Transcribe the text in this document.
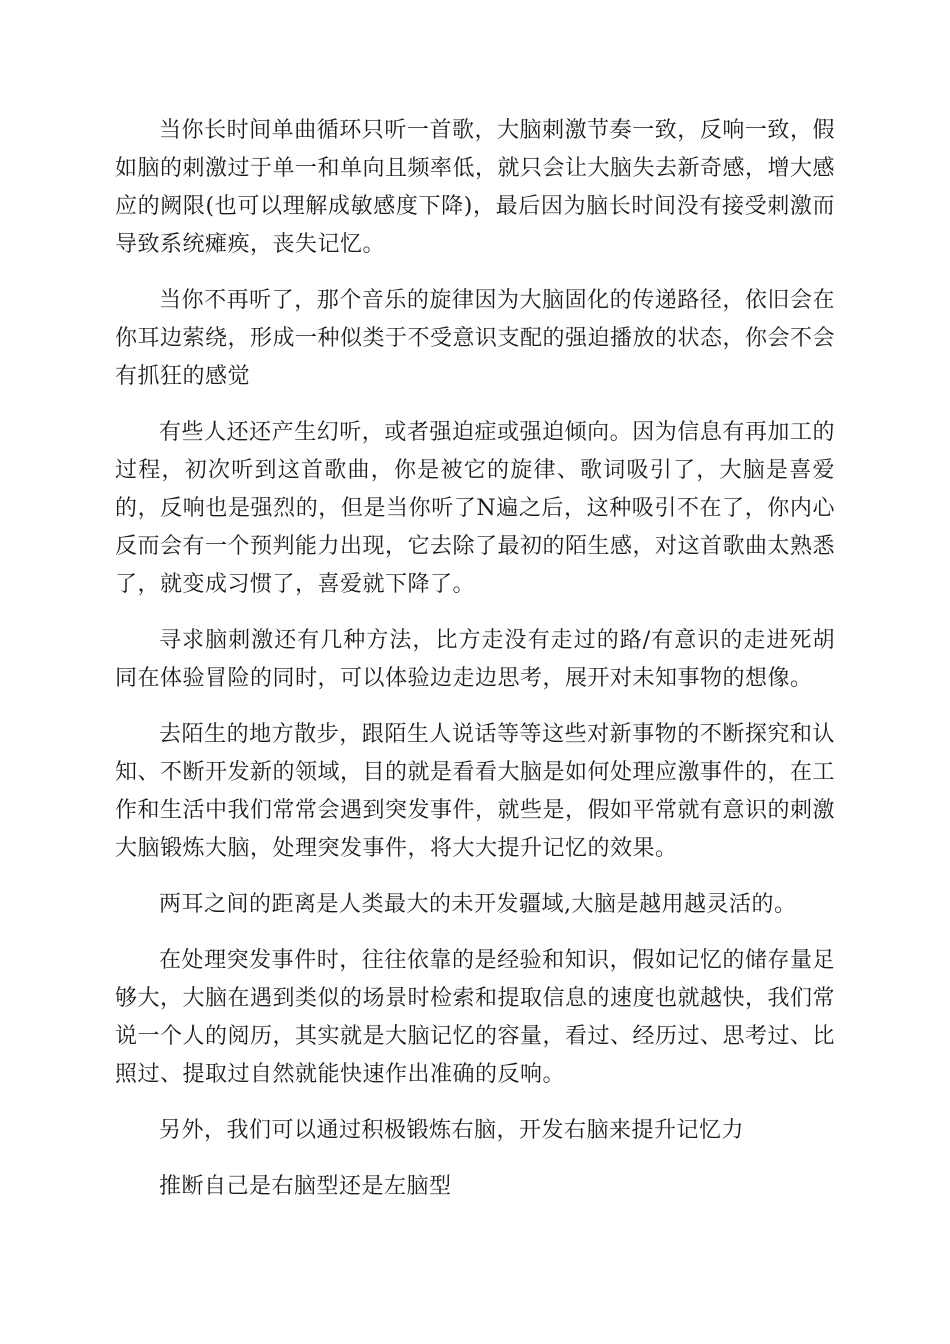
当你长时间单曲循环只听一首歌，大脑刺激节奏一致，反响一致，假如脑的刺激过于单一和单向且频率低，就只会让大脑失去新奇感，增大感应的阙限(也可以理解成敏感度下降)，最后因为脑长时间没有接受刺激而导致系统瘫痪，丧失记忆。

当你不再听了，那个音乐的旋律因为大脑固化的传递路径，依旧会在你耳边萦绕，形成一种似类于不受意识支配的强迫播放的状态，你会不会有抓狂的感觉

有些人还还产生幻听，或者强迫症或强迫倾向。因为信息有再加工的过程，初次听到这首歌曲，你是被它的旋律、歌词吸引了，大脑是喜爱的，反响也是强烈的，但是当你听了N遍之后，这种吸引不在了，你内心反而会有一个预判能力出现，它去除了最初的陌生感，对这首歌曲太熟悉了，就变成习惯了，喜爱就下降了。

寻求脑刺激还有几种方法，比方走没有走过的路/有意识的走进死胡同在体验冒险的同时，可以体验边走边思考，展开对未知事物的想像。

去陌生的地方散步，跟陌生人说话等等这些对新事物的不断探究和认知、不断开发新的领域，目的就是看看大脑是如何处理应激事件的，在工作和生活中我们常常会遇到突发事件，就些是，假如平常就有意识的刺激大脑锻炼大脑，处理突发事件，将大大提升记忆的效果。

两耳之间的距离是人类最大的未开发疆域,大脑是越用越灵活的。

在处理突发事件时，往往依靠的是经验和知识，假如记忆的储存量足够大，大脑在遇到类似的场景时检索和提取信息的速度也就越快，我们常说一个人的阅历，其实就是大脑记忆的容量，看过、经历过、思考过、比照过、提取过自然就能快速作出准确的反响。

另外，我们可以通过积极锻炼右脑，开发右脑来提升记忆力

推断自己是右脑型还是左脑型
